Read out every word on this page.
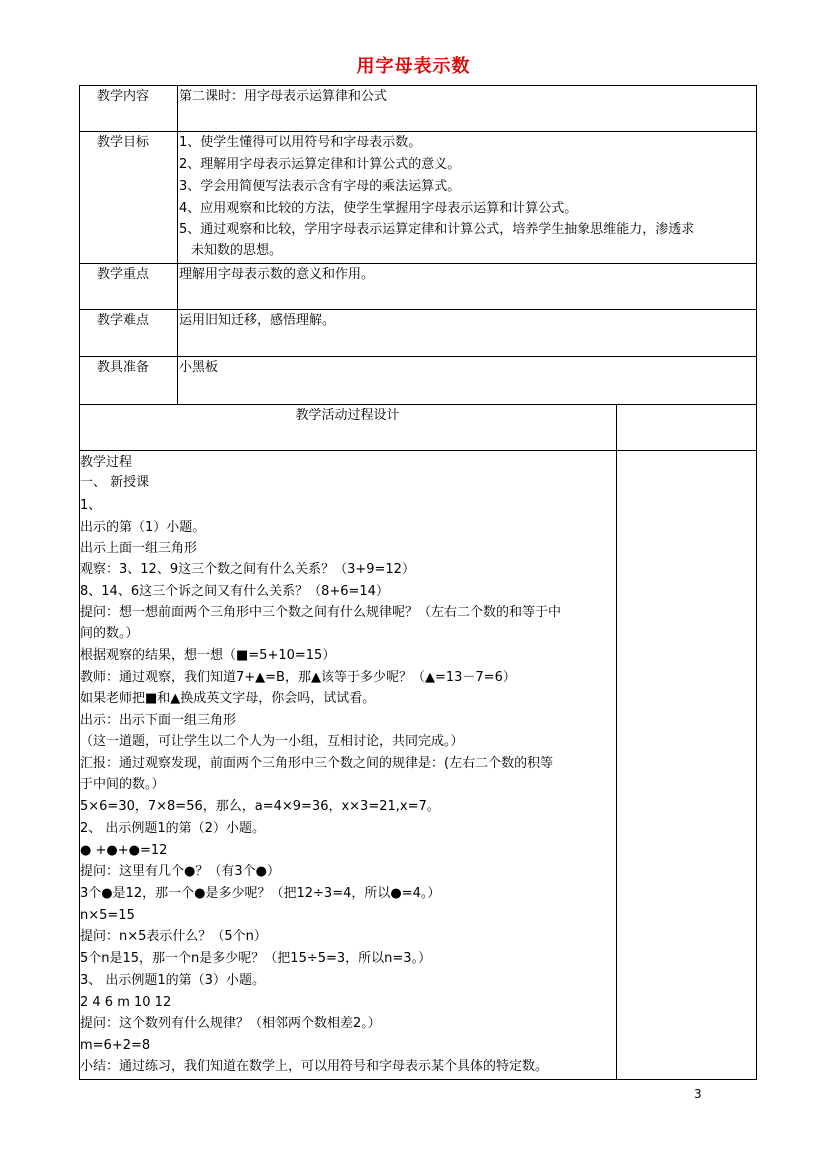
用字母表示数
教学内容 第二课时：用字母表示运算律和公式
教学目标 1、使学生懂得可以用符号和字母表示数。
2、理解用字母表示运算定律和计算公式的意义。
3、学会用简便写法表示含有字母的乘法运算式。
4、应用观察和比较的方法，使学生掌握用字母表示运算和计算公式。
5、通过观察和比较，学用字母表示运算定律和计算公式，培养学生抽象思维能力，渗透求
未知数的思想。
教学重点 理解用字母表示数的意义和作用。
教学难点 运用旧知迁移，感悟理解。
教具准备 小黑板
教学活动过程设计
教学过程
一、 新授课
1、
出示的第（1）小题。
出示上面一组三角形
观察：3、12、9这三个数之间有什么关系？（3+9=12）
8、14、6这三个诉之间又有什么关系？（8+6=14）
提问：想一想前面两个三角形中三个数之间有什么规律呢？（左右二个数的和等于中
间的数。）
根据观察的结果，想一想（■=5+10=15）
教师：通过观察，我们知道7+▲=B，那▲该等于多少呢？（▲=13－7=6）
如果老师把■和▲换成英文字母，你会吗，试试看。
出示：出示下面一组三角形
（这一道题，可让学生以二个人为一小组，互相讨论，共同完成。）
汇报：通过观察发现，前面两个三角形中三个数之间的规律是：(左右二个数的积等
于中间的数。）
5×6=30，7×8=56，那么，a=4×9=36，x×3=21,x=7。
2、 出示例题1的第（2）小题。
● +●+●=12
提问：这里有几个●？（有3个●）
3个●是12，那一个●是多少呢？（把12÷3=4，所以●=4。）
n×5=15
提问：n×5表示什么？（5个n）
5个n是15，那一个n是多少呢？（把15÷5=3，所以n=3。）
3、 出示例题1的第（3）小题。
2 4 6 m 10 12
提问：这个数列有什么规律？（相邻两个数相差2。）
m=6+2=8
小结：通过练习，我们知道在数学上，可以用符号和字母表示某个具体的特定数。
3
